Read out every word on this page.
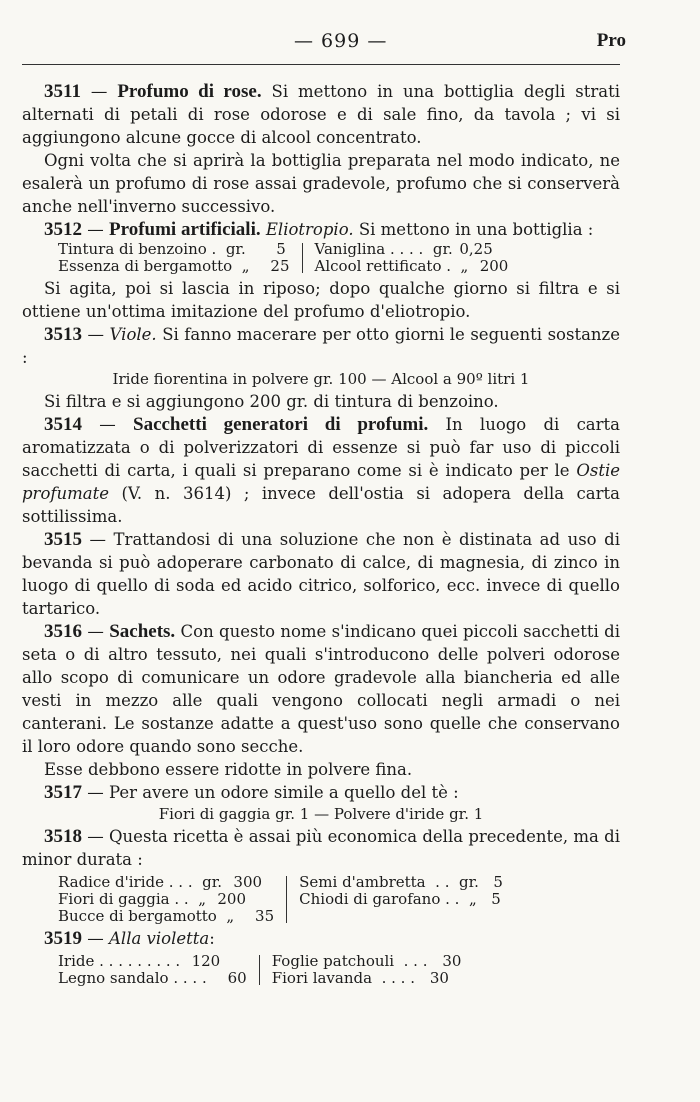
— 699 —	Pro

3511 — Profumo di rose. Si mettono in una bottiglia degli strati alternati di petali di rose odorose e di sale fino, da tavola ; vi si aggiungono alcune gocce di alcool concentrato.

Ogni volta che si aprirà la bottiglia preparata nel modo indicato, ne esalerà un profumo di rose assai gradevole, profumo che si conserverà anche nell'inverno successivo.

3512 — Profumi artificiali. Eliotropio. Si mettono in una bottiglia :

Tintura di benzoino .  gr.	5
Essenza di bergamotto  „	25
Vaniglina . . . .  gr. 0,25
Alcool rettificato .  „ 200

Si agita, poi si lascia in riposo; dopo qualche giorno si filtra e si ottiene un'ottima imitazione del profumo d'eliotropio.

3513 — Viole. Si fanno macerare per otto giorni le seguenti sostanze :

Iride fiorentina in polvere gr. 100 — Alcool a 90º litri 1

Si filtra e si aggiungono 200 gr. di tintura di benzoino.

3514 — Sacchetti generatori di profumi. In luogo di carta aromatizzata o di polverizzatori di essenze si può far uso di piccoli sacchetti di carta, i quali si preparano come si è indicato per le Ostie profumate (V. n. 3614) ; invece dell'ostia si adopera della carta sottilissima.

3515 — Trattandosi di una soluzione che non è distinata ad uso di bevanda si può adoperare carbonato di calce, di magnesia, di zinco in luogo di quello di soda ed acido citrico, solforico, ecc. invece di quello tartarico.

3516 — Sachets. Con questo nome s'indicano quei piccoli sacchetti di seta o di altro tessuto, nei quali s'introducono delle polveri odorose allo scopo di comunicare un odore gradevole alla biancheria ed alle vesti in mezzo alle quali vengono collocati negli armadi o nei canterani. Le sostanze adatte a quest'uso sono quelle che conservano il loro odore quando sono secche.

Esse debbono essere ridotte in polvere fina.

3517 — Per avere un odore simile a quello del tè :

Fiori di gaggia gr. 1 — Polvere d'iride gr. 1

3518 — Questa ricetta è assai più economica della precedente, ma di minor durata :

Radice d'iride . . .  gr. 300
Fiori di gaggia . .  „ 200
Bucce di bergamotto  „	35
Semi d'ambretta  . .  gr. 5
Chiodi di garofano . .  „ 5

3519 — Alla violetta:

Iride . . . . . . . . . 120
Legno sandalo . . . .	60
Foglie patchouli  . . . 30
Fiori lavanda  . . . . 30
